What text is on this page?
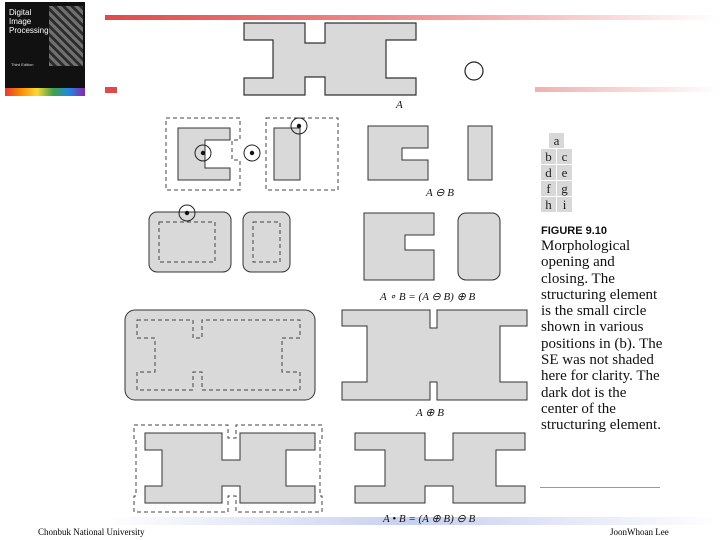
Digital Image Processing
Third Edition
A
A ⊖ B
A ∘ B = (A ⊖ B) ⊕ B
A ⊕ B
A • B = (A ⊕ B) ⊖ B
a
b c
d e
f g
h i
FIGURE 9.10
Morphological opening and closing. The structuring element is the small circle shown in various positions in (b). The SE was not shaded here for clarity. The dark dot is the center of the structuring element.
Chonbuk National University	JoonWhoan Lee
